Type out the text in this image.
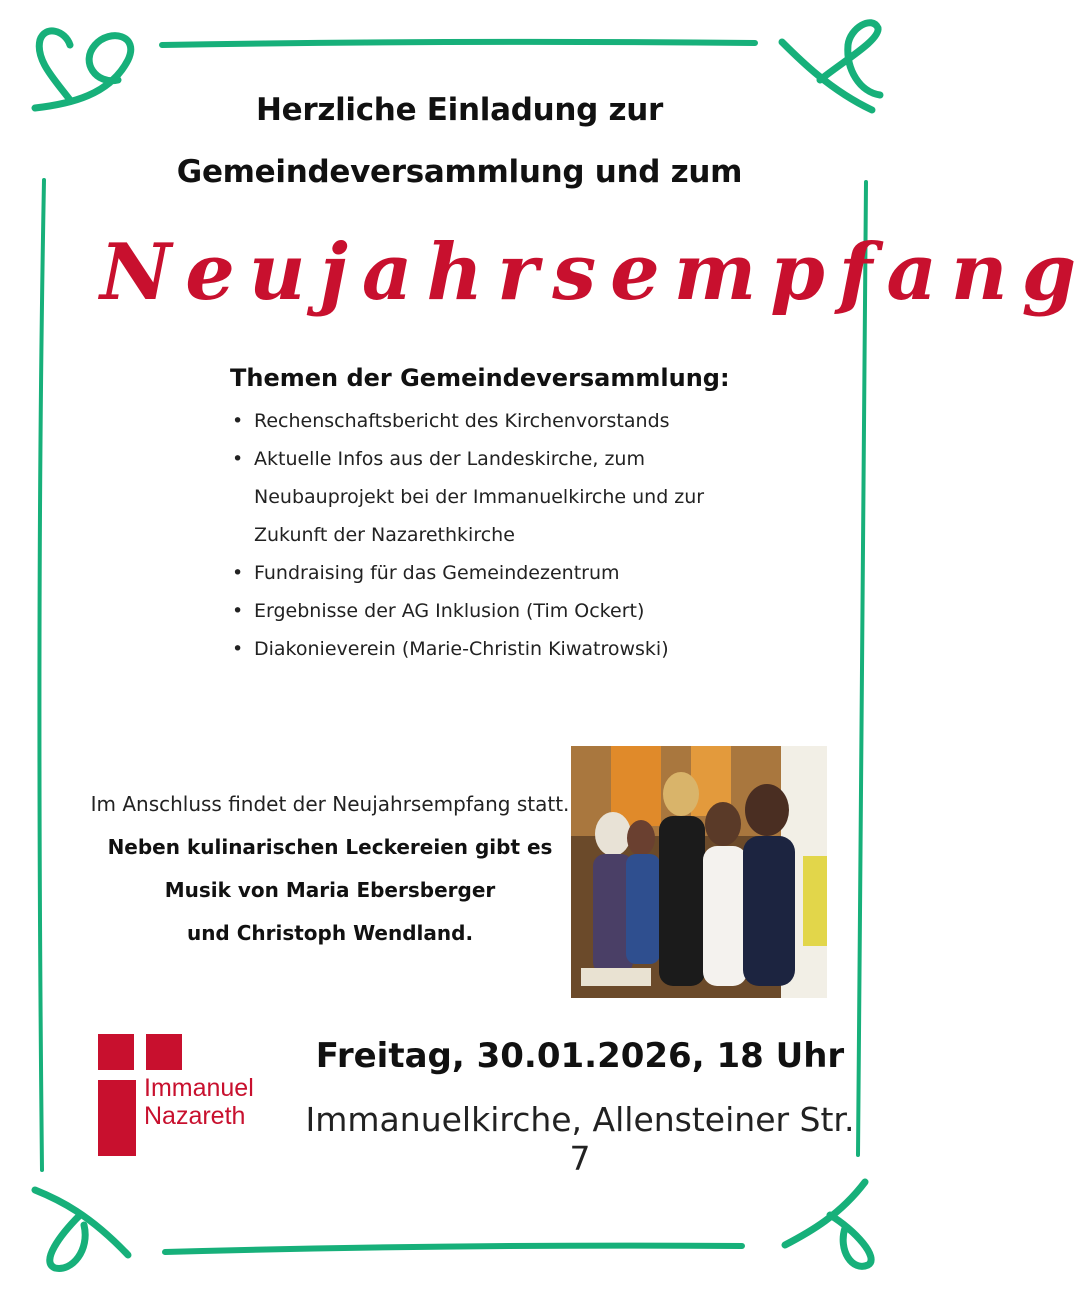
Herzliche Einladung zur
Gemeindeversammlung und zum
Neujahrsempfang
Themen der Gemeindeversammlung:
• Rechenschaftsbericht des Kirchenvorstands
• Aktuelle Infos aus der Landeskirche, zum
Neubauprojekt bei der Immanuelkirche und zur
Zukunft der Nazarethkirche
• Fundraising für das Gemeindezentrum
• Ergebnisse der AG Inklusion (Tim Ockert)
• Diakonieverein (Marie-Christin Kiwatrowski)
Im Anschluss findet der Neujahrsempfang statt.
Neben kulinarischen Leckereien gibt es
Musik von Maria Ebersberger
und Christoph Wendland.
Immanuel
Nazareth
Freitag, 30.01.2026, 18 Uhr
Immanuelkirche, Allensteiner Str. 7
